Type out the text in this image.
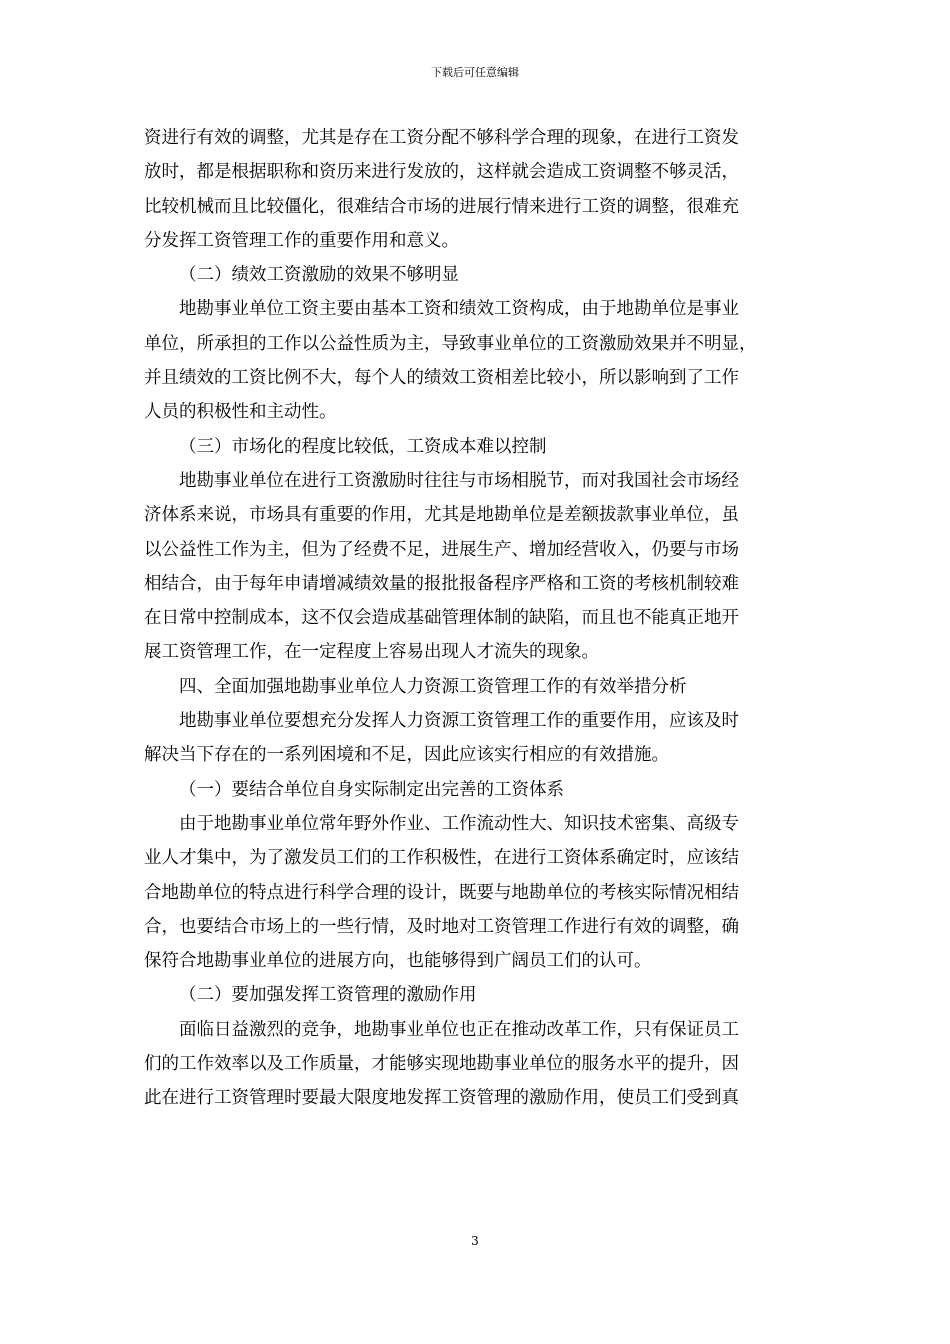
下载后可任意编辑
资进行有效的调整，尤其是存在工资分配不够科学合理的现象，在进行工资发
放时，都是根据职称和资历来进行发放的，这样就会造成工资调整不够灵活，
比较机械而且比较僵化，很难结合市场的进展行情来进行工资的调整，很难充
分发挥工资管理工作的重要作用和意义。
（二）绩效工资激励的效果不够明显
地勘事业单位工资主要由基本工资和绩效工资构成，由于地勘单位是事业
单位，所承担的工作以公益性质为主，导致事业单位的工资激励效果并不明显，
并且绩效的工资比例不大，每个人的绩效工资相差比较小，所以影响到了工作
人员的积极性和主动性。
（三）市场化的程度比较低，工资成本难以控制
地勘事业单位在进行工资激励时往往与市场相脱节，而对我国社会市场经
济体系来说，市场具有重要的作用，尤其是地勘单位是差额拔款事业单位，虽
以公益性工作为主，但为了经费不足，进展生产、增加经营收入，仍要与市场
相结合，由于每年申请增减绩效量的报批报备程序严格和工资的考核机制较难
在日常中控制成本，这不仅会造成基础管理体制的缺陷，而且也不能真正地开
展工资管理工作，在一定程度上容易出现人才流失的现象。
四、全面加强地勘事业单位人力资源工资管理工作的有效举措分析
地勘事业单位要想充分发挥人力资源工资管理工作的重要作用，应该及时
解决当下存在的一系列困境和不足，因此应该实行相应的有效措施。
（一）要结合单位自身实际制定出完善的工资体系
由于地勘事业单位常年野外作业、工作流动性大、知识技术密集、高级专
业人才集中，为了激发员工们的工作积极性，在进行工资体系确定时，应该结
合地勘单位的特点进行科学合理的设计，既要与地勘单位的考核实际情况相结
合，也要结合市场上的一些行情，及时地对工资管理工作进行有效的调整，确
保符合地勘事业单位的进展方向，也能够得到广阔员工们的认可。
（二）要加强发挥工资管理的激励作用
面临日益激烈的竞争，地勘事业单位也正在推动改革工作，只有保证员工
们的工作效率以及工作质量，才能够实现地勘事业单位的服务水平的提升，因
此在进行工资管理时要最大限度地发挥工资管理的激励作用，使员工们受到真
3
